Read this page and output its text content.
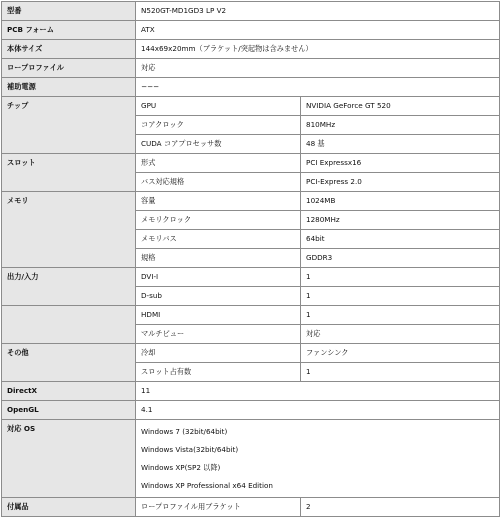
型番	N520GT-MD1GD3 LP V2	
PCB フォーム	ATX	
本体サイズ	144x69x20mm（ブラケット/突起物は含みません）	
ロープロファイル	対応	
補助電源	−−−	
チップ	GPU	NVIDIA GeForce GT 520
	コアクロック	810MHz
	CUDA コアプロセッサ数	48 基
スロット	形式	PCI Expressx16
	バス対応規格	PCI-Express 2.0
メモリ	容量	1024MB
	メモリクロック	1280MHz
	メモリバス	64bit
	規格	GDDR3
出力/入力	DVI-I	1
	D-sub	1
	HDMI	1
	マルチビュー	対応
その他	冷却	ファンシンク
	スロット占有数	1
DirectX	11	
OpenGL	4.1	
対応 OS	Windows 7 (32bit/64bit)
Windows Vista(32bit/64bit)
Windows XP(SP2 以降)
Windows XP Professional x64 Edition	

付属品	ロープロファイル用ブラケット	2
